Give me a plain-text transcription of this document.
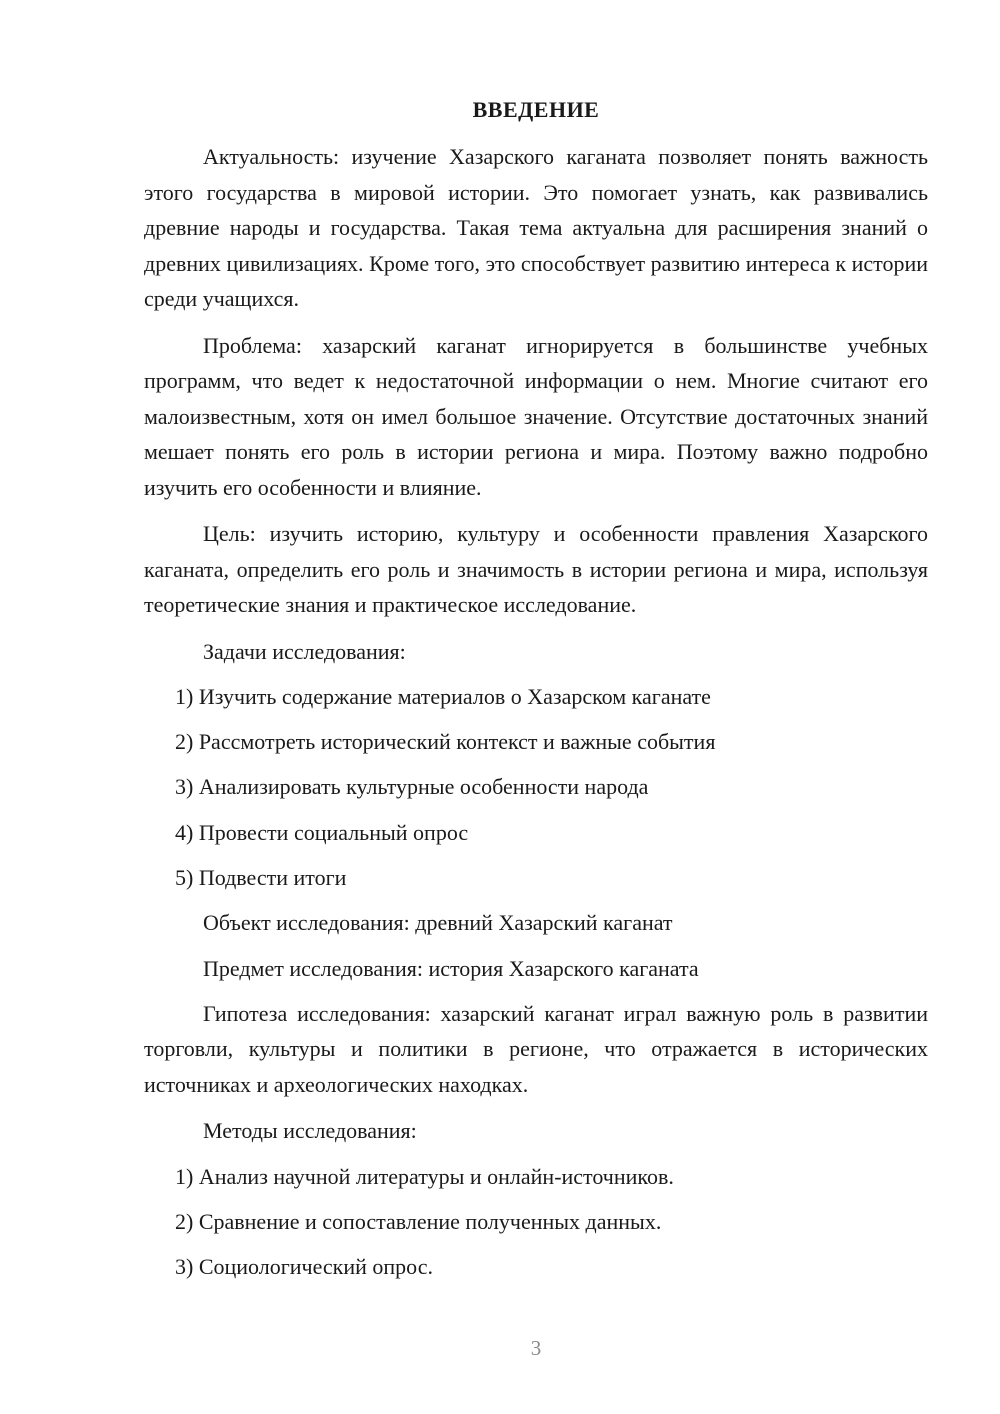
ВВЕДЕНИЕ

Актуальность: изучение Хазарского каганата позволяет понять важность этого государства в мировой истории. Это помогает узнать, как развивались древние народы и государства. Такая тема актуальна для расширения знаний о древних цивилизациях. Кроме того, это способствует развитию интереса к истории среди учащихся.

Проблема: хазарский каганат игнорируется в большинстве учебных программ, что ведет к недостаточной информации о нем. Многие считают его малоизвестным, хотя он имел большое значение. Отсутствие достаточных знаний мешает понять его роль в истории региона и мира. Поэтому важно подробно изучить его особенности и влияние.

Цель: изучить историю, культуру и особенности правления Хазарского каганата, определить его роль и значимость в истории региона и мира, используя теоретические знания и практическое исследование.

Задачи исследования:
1) Изучить содержание материалов о Хазарском каганате
2) Рассмотреть исторический контекст и важные события
3) Анализировать культурные особенности народа
4) Провести социальный опрос
5) Подвести итоги
Объект исследования: древний Хазарский каганат
Предмет исследования: история Хазарского каганата

Гипотеза исследования: хазарский каганат играл важную роль в развитии торговли, культуры и политики в регионе, что отражается в исторических источниках и археологических находках.

Методы исследования:
1) Анализ научной литературы и онлайн-источников.
2) Сравнение и сопоставление полученных данных.
3) Социологический опрос.
3
